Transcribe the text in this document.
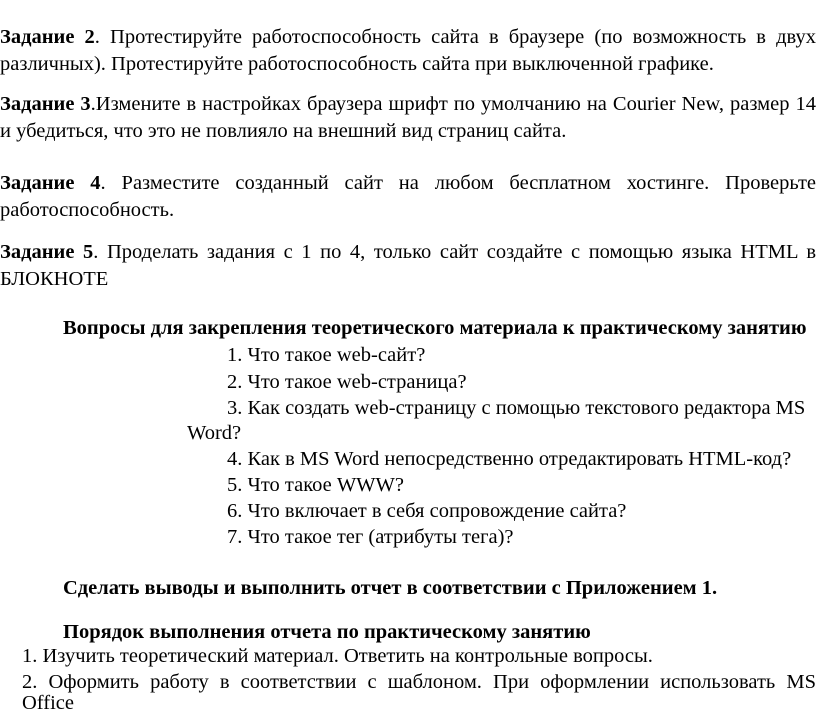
Задание 2. Протестируйте работоспособность сайта в браузере (по возможность в двух различных). Протестируйте работоспособность сайта при выключенной графике.
Задание 3.Измените в настройках браузера шрифт по умолчанию на Courier New, размер 14 и убедиться, что это не повлияло на внешний вид страниц сайта.
Задание 4. Разместите созданный сайт на любом бесплатном хостинге. Проверьте работоспособность.
Задание 5. Проделать задания с 1 по 4, только сайт создайте с помощью языка HTML в БЛОКНОТЕ
Вопросы для закрепления теоретического материала к практическому занятию
1. Что такое web-сайт?
2. Что такое web-страница?
3. Как создать web-страницу с помощью текстового редактора MS
Word?
4. Как в MS Word непосредственно отредактировать HTML-код?
5. Что такое WWW?
6. Что включает в себя сопровождение сайта?
7. Что такое тег (атрибуты тега)?
Сделать выводы и выполнить отчет в соответствии с Приложением 1.
Порядок выполнения отчета по практическому занятию
1. Изучить теоретический материал. Ответить на контрольные вопросы.
2. Оформить работу в соответствии с шаблоном. При оформлении использовать MS
Office
